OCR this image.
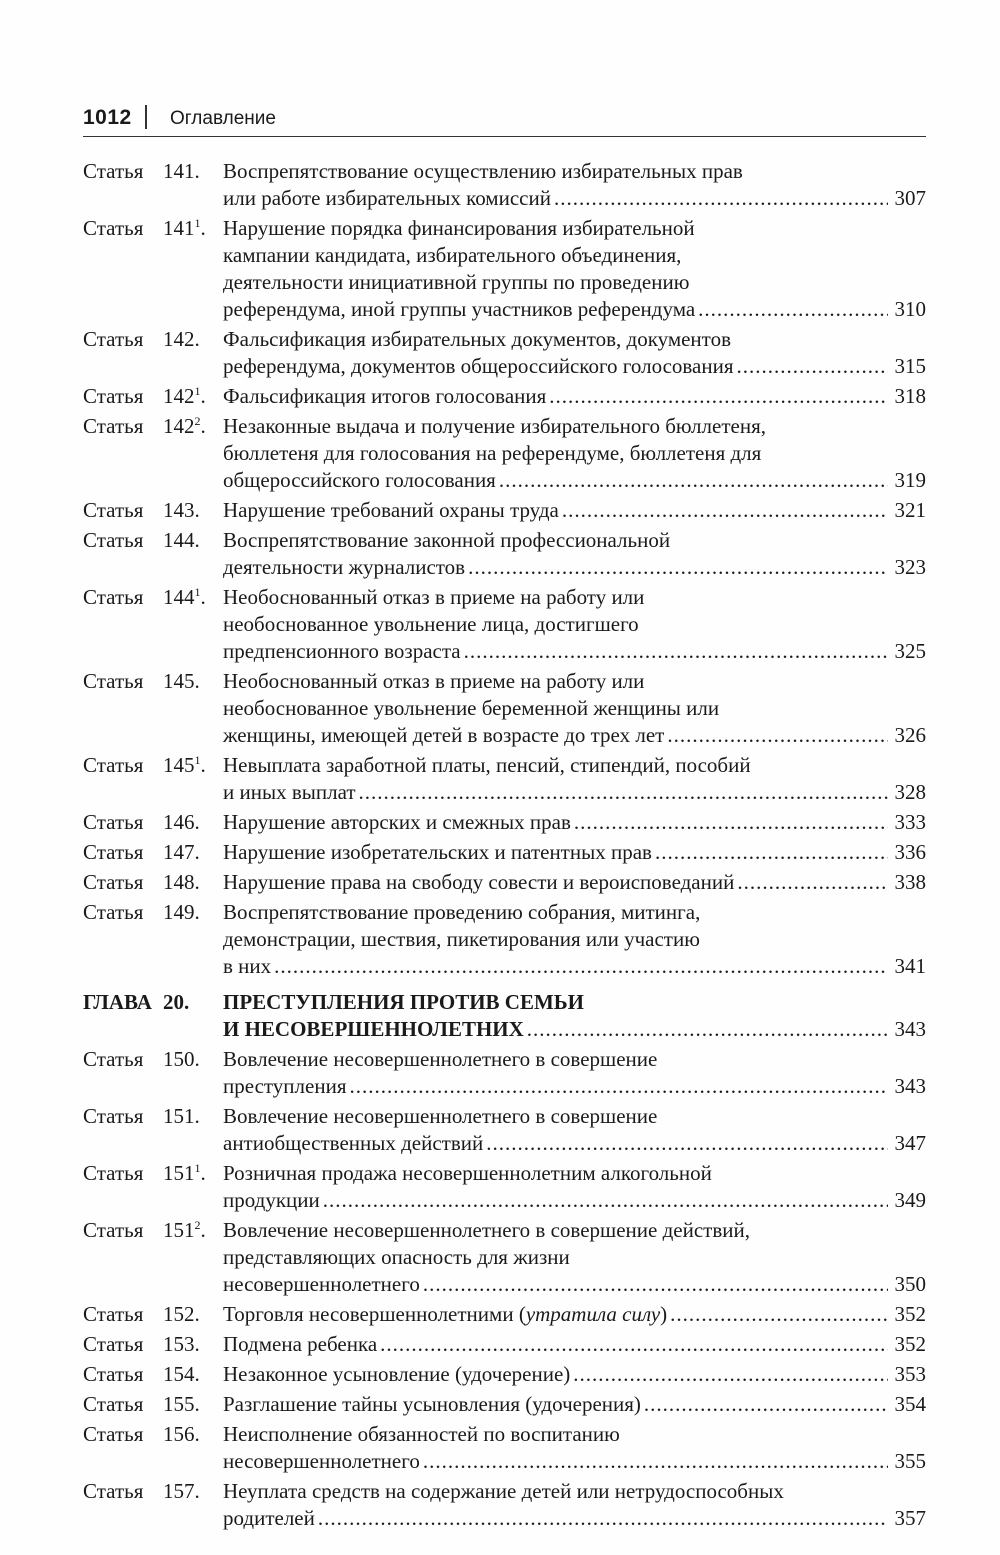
1012 Оглавление
Статья 141.	Воспрепятствование осуществлению избирательных прав
или работе избирательных комиссий .....	307
Статья $141^1$. Нарушение порядка финансирования избирательной
кампании кандидата, избирательного объединения,
деятельности инициативной группы по проведению
референдума, иной группы участников референдума .....	310
Статья 142.	Фальсификация избирательных документов, документов
референдума, документов общероссийского голосования .....	315
Статья $142^1$. Фальсификация итогов голосования .....	318
Статья $142^2$. Незаконные выдача и получение избирательного бюллетеня,
бюллетеня для голосования на референдуме, бюллетеня для
общероссийского голосования .....	319
Статья 143.	Нарушение требований охраны труда .....	321
Статья 144.	Воспрепятствование законной профессиональной
деятельности журналистов .....	323
Статья $144^1$. Необоснованный отказ в приеме на работу или
необоснованное увольнение лица, достигшего
предпенсионного возраста .....	325
Статья 145.	Необоснованный отказ в приеме на работу или
необоснованное увольнение беременной женщины или
женщины, имеющей детей в возрасте до трех лет .....	326
Статья $145^1$. Невыплата заработной платы, пенсий, стипендий, пособий
и иных выплат .....	328
Статья 146.	Нарушение авторских и смежных прав .....	333
Статья 147.	Нарушение изобретательских и патентных прав .....	336
Статья 148.	Нарушение права на свободу совести и вероисповеданий .....	338
Статья 149.	Воспрепятствование проведению собрания, митинга,
демонстрации, шествия, пикетирования или участию
в них .....	341
ГЛАВА 20.	ПРЕСТУПЛЕНИЯ ПРОТИВ СЕМЬИ
И НЕСОВЕРШЕННОЛЕТНИХ .....	343
Статья 150.	Вовлечение несовершеннолетнего в совершение
преступления .....	343
Статья 151.	Вовлечение несовершеннолетнего в совершение
антиобщественных действий .....	347
Статья $151^1$. Розничная продажа несовершеннолетним алкогольной
продукции .....	349
Статья $151^2$. Вовлечение несовершеннолетнего в совершение действий,
представляющих опасность для жизни
несовершеннолетнего .....	350
Статья 152.	Торговля несовершеннолетними (утратила силу) .....	352
Статья 153.	Подмена ребенка .....	352
Статья 154.	Незаконное усыновление (удочерение) .....	353
Статья 155.	Разглашение тайны усыновления (удочерения) .....	354
Статья 156.	Неисполнение обязанностей по воспитанию
несовершеннолетнего .....	355
Статья 157.	Неуплата средств на содержание детей или нетрудоспособных
родителей .....	357
